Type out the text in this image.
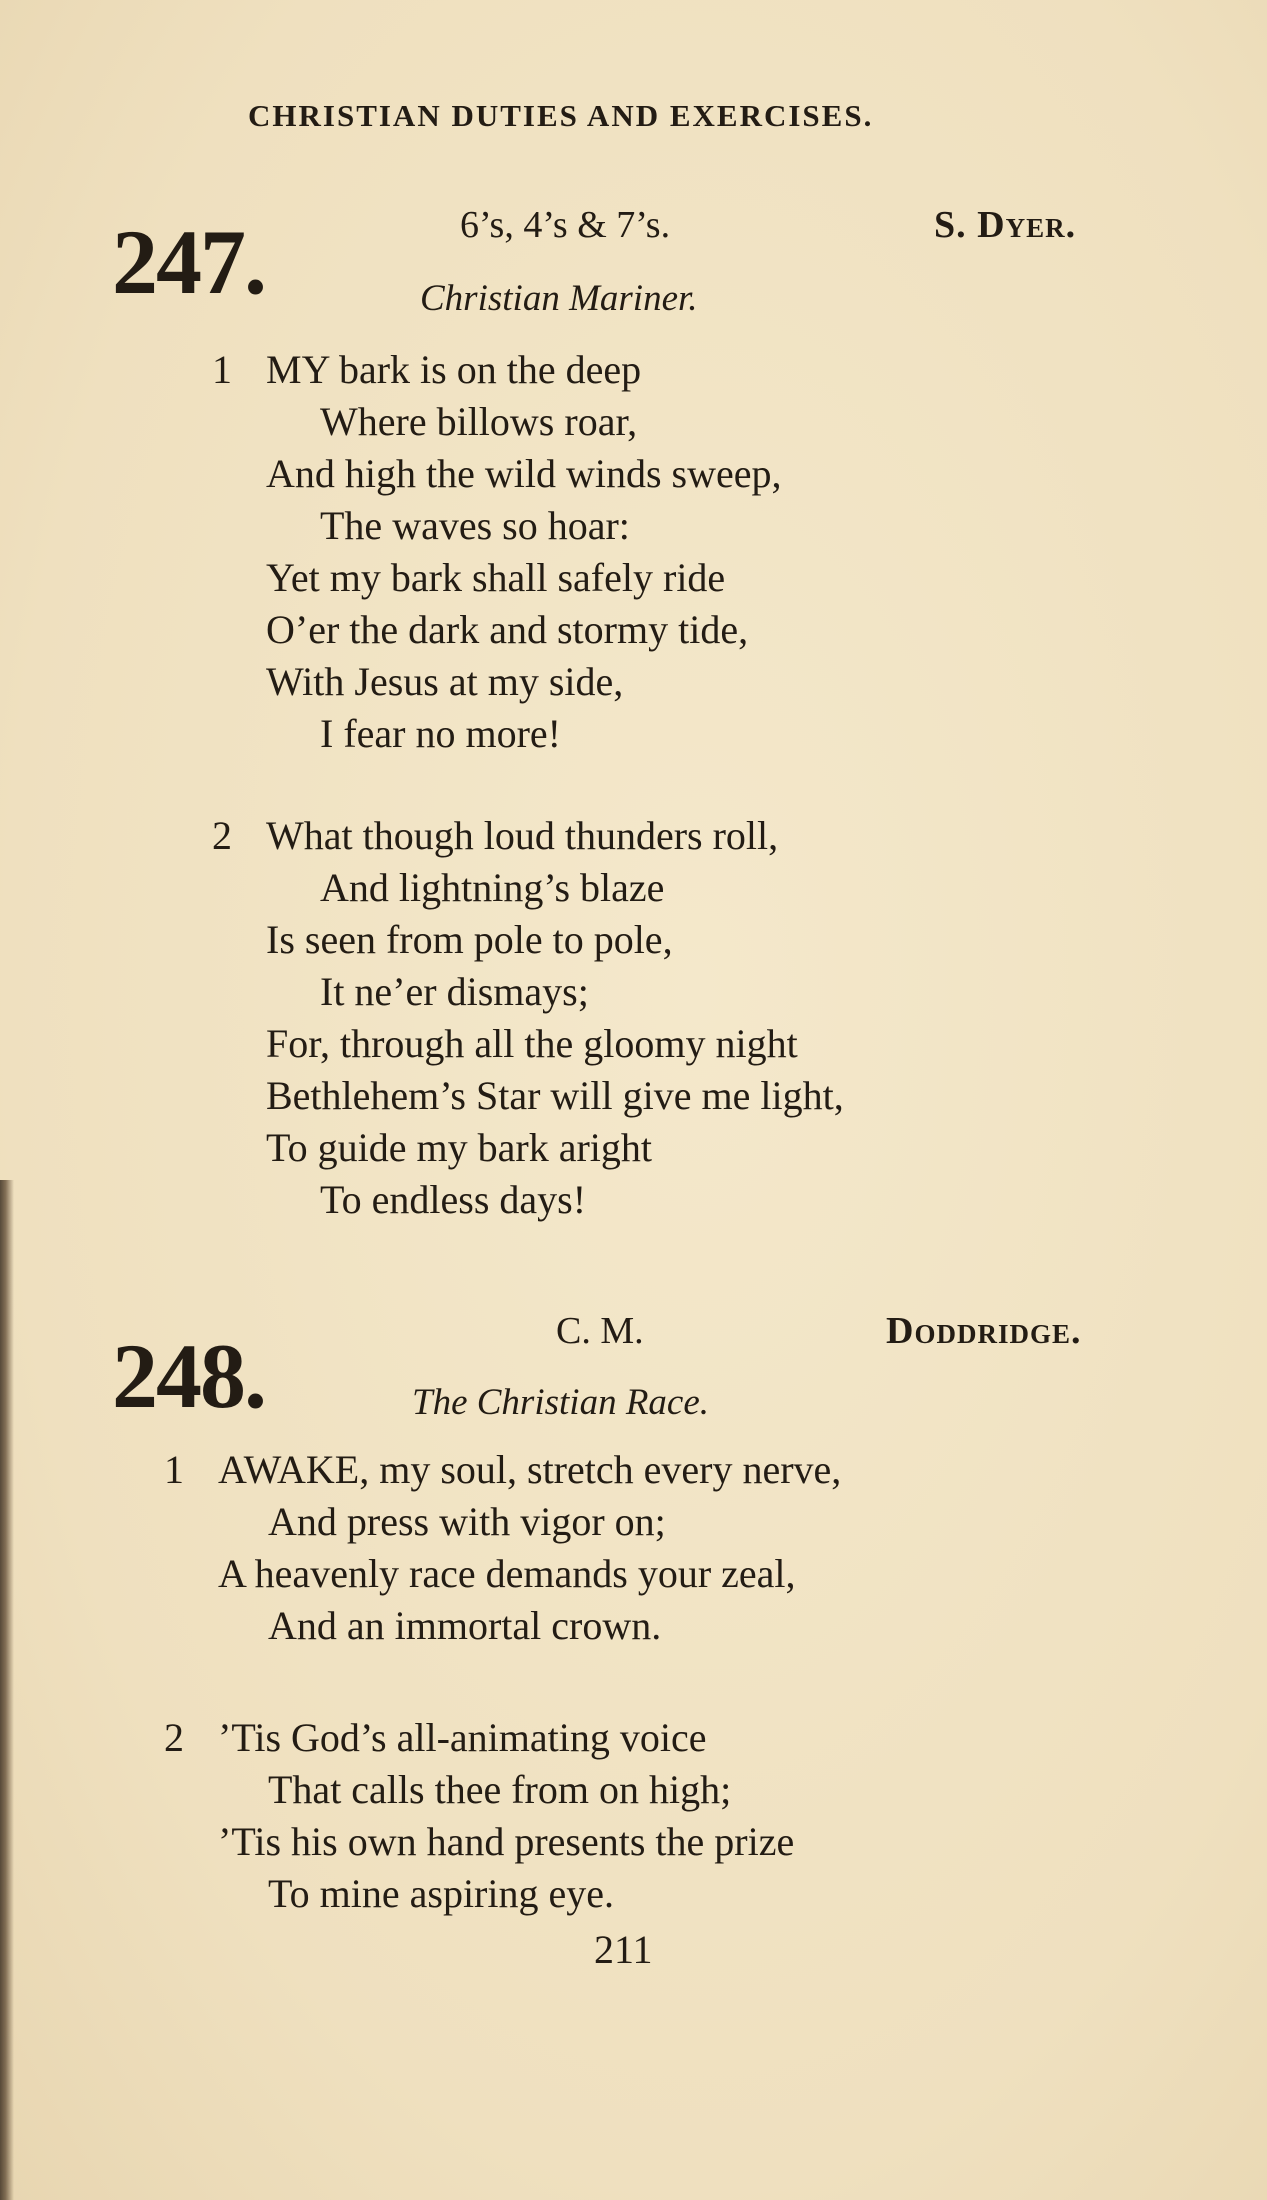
CHRISTIAN DUTIES AND EXERCISES.
247.	6’s, 4’s & 7’s.	S. Dyer.
Christian Mariner.
1 MY bark is on the deep
Where billows roar,
And high the wild winds sweep,
The waves so hoar:
Yet my bark shall safely ride
O’er the dark and stormy tide,
With Jesus at my side,
I fear no more!
2 What though loud thunders roll,
And lightning’s blaze
Is seen from pole to pole,
It ne’er dismays;
For, through all the gloomy night
Bethlehem’s Star will give me light,
To guide my bark aright
To endless days!
248.	C. M.	Doddridge.
The Christian Race.
1 AWAKE, my soul, stretch every nerve,
And press with vigor on;
A heavenly race demands your zeal,
And an immortal crown.
2 ’Tis God’s all-animating voice
That calls thee from on high;
’Tis his own hand presents the prize
To mine aspiring eye.
211
